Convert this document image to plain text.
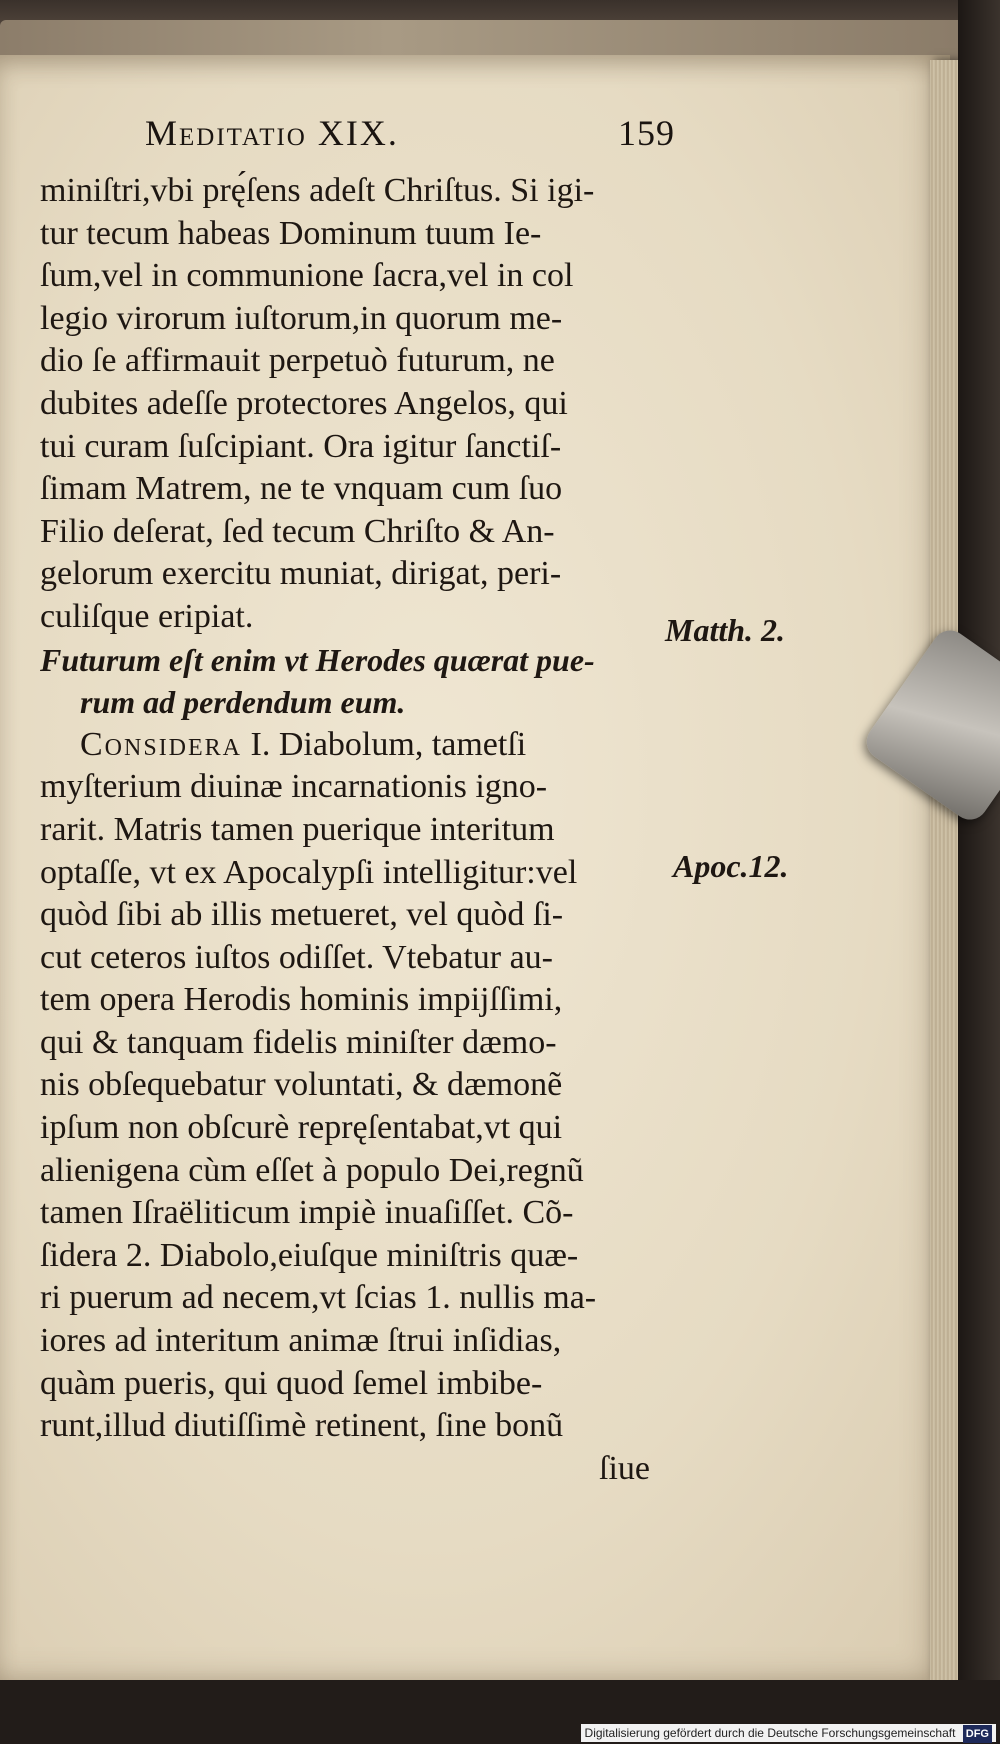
Meditatio XIX.	159
miniſtri,vbi prę́ſens adeſt Chriſtus. Si igi-
tur tecum habeas Dominum tuum Ie-
ſum,vel in communione ſacra,vel in col
legio virorum iuſtorum,in quorum me-
dio ſe affirmauit perpetuò futurum, ne
dubites adeſſe protectores Angelos, qui
tui curam ſuſcipiant. Ora igitur ſanctiſ-
ſimam Matrem, ne te vnquam cum ſuo
Filio deſerat, ſed tecum Chriſto & An-
gelorum exercitu muniat, dirigat, peri-
culiſque eripiat.
Futurum eſt enim vt Herodes quærat pue-
rum ad perdendum eum.
Considera I. Diabolum, tametſi
myſterium diuinæ incarnationis igno-
rarit. Matris tamen puerique interitum
optaſſe, vt ex Apocalypſi intelligitur:vel
quòd ſibi ab illis metueret, vel quòd ſi-
cut ceteros iuſtos odiſſet. Vtebatur au-
tem opera Herodis hominis impijſſimi,
qui & tanquam fidelis miniſter dæmo-
nis obſequebatur voluntati, & dæmonẽ
ipſum non obſcurè repręſentabat,vt qui
alienigena cùm eſſet à populo Dei,regnũ
tamen Iſraëliticum impiè inuaſiſſet. Cõ-
ſidera 2. Diabolo,eiuſque miniſtris quæ-
ri puerum ad necem,vt ſcias 1. nullis ma-
iores ad interitum animæ ſtrui inſidias,
quàm pueris, qui quod ſemel imbibe-
runt,illud diutiſſimè retinent, ſine bonũ
ſiue
Matth. 2.
Apoc.12.
Digitalisierung gefördert durch die Deutsche Forschungsgemeinschaft DFG
